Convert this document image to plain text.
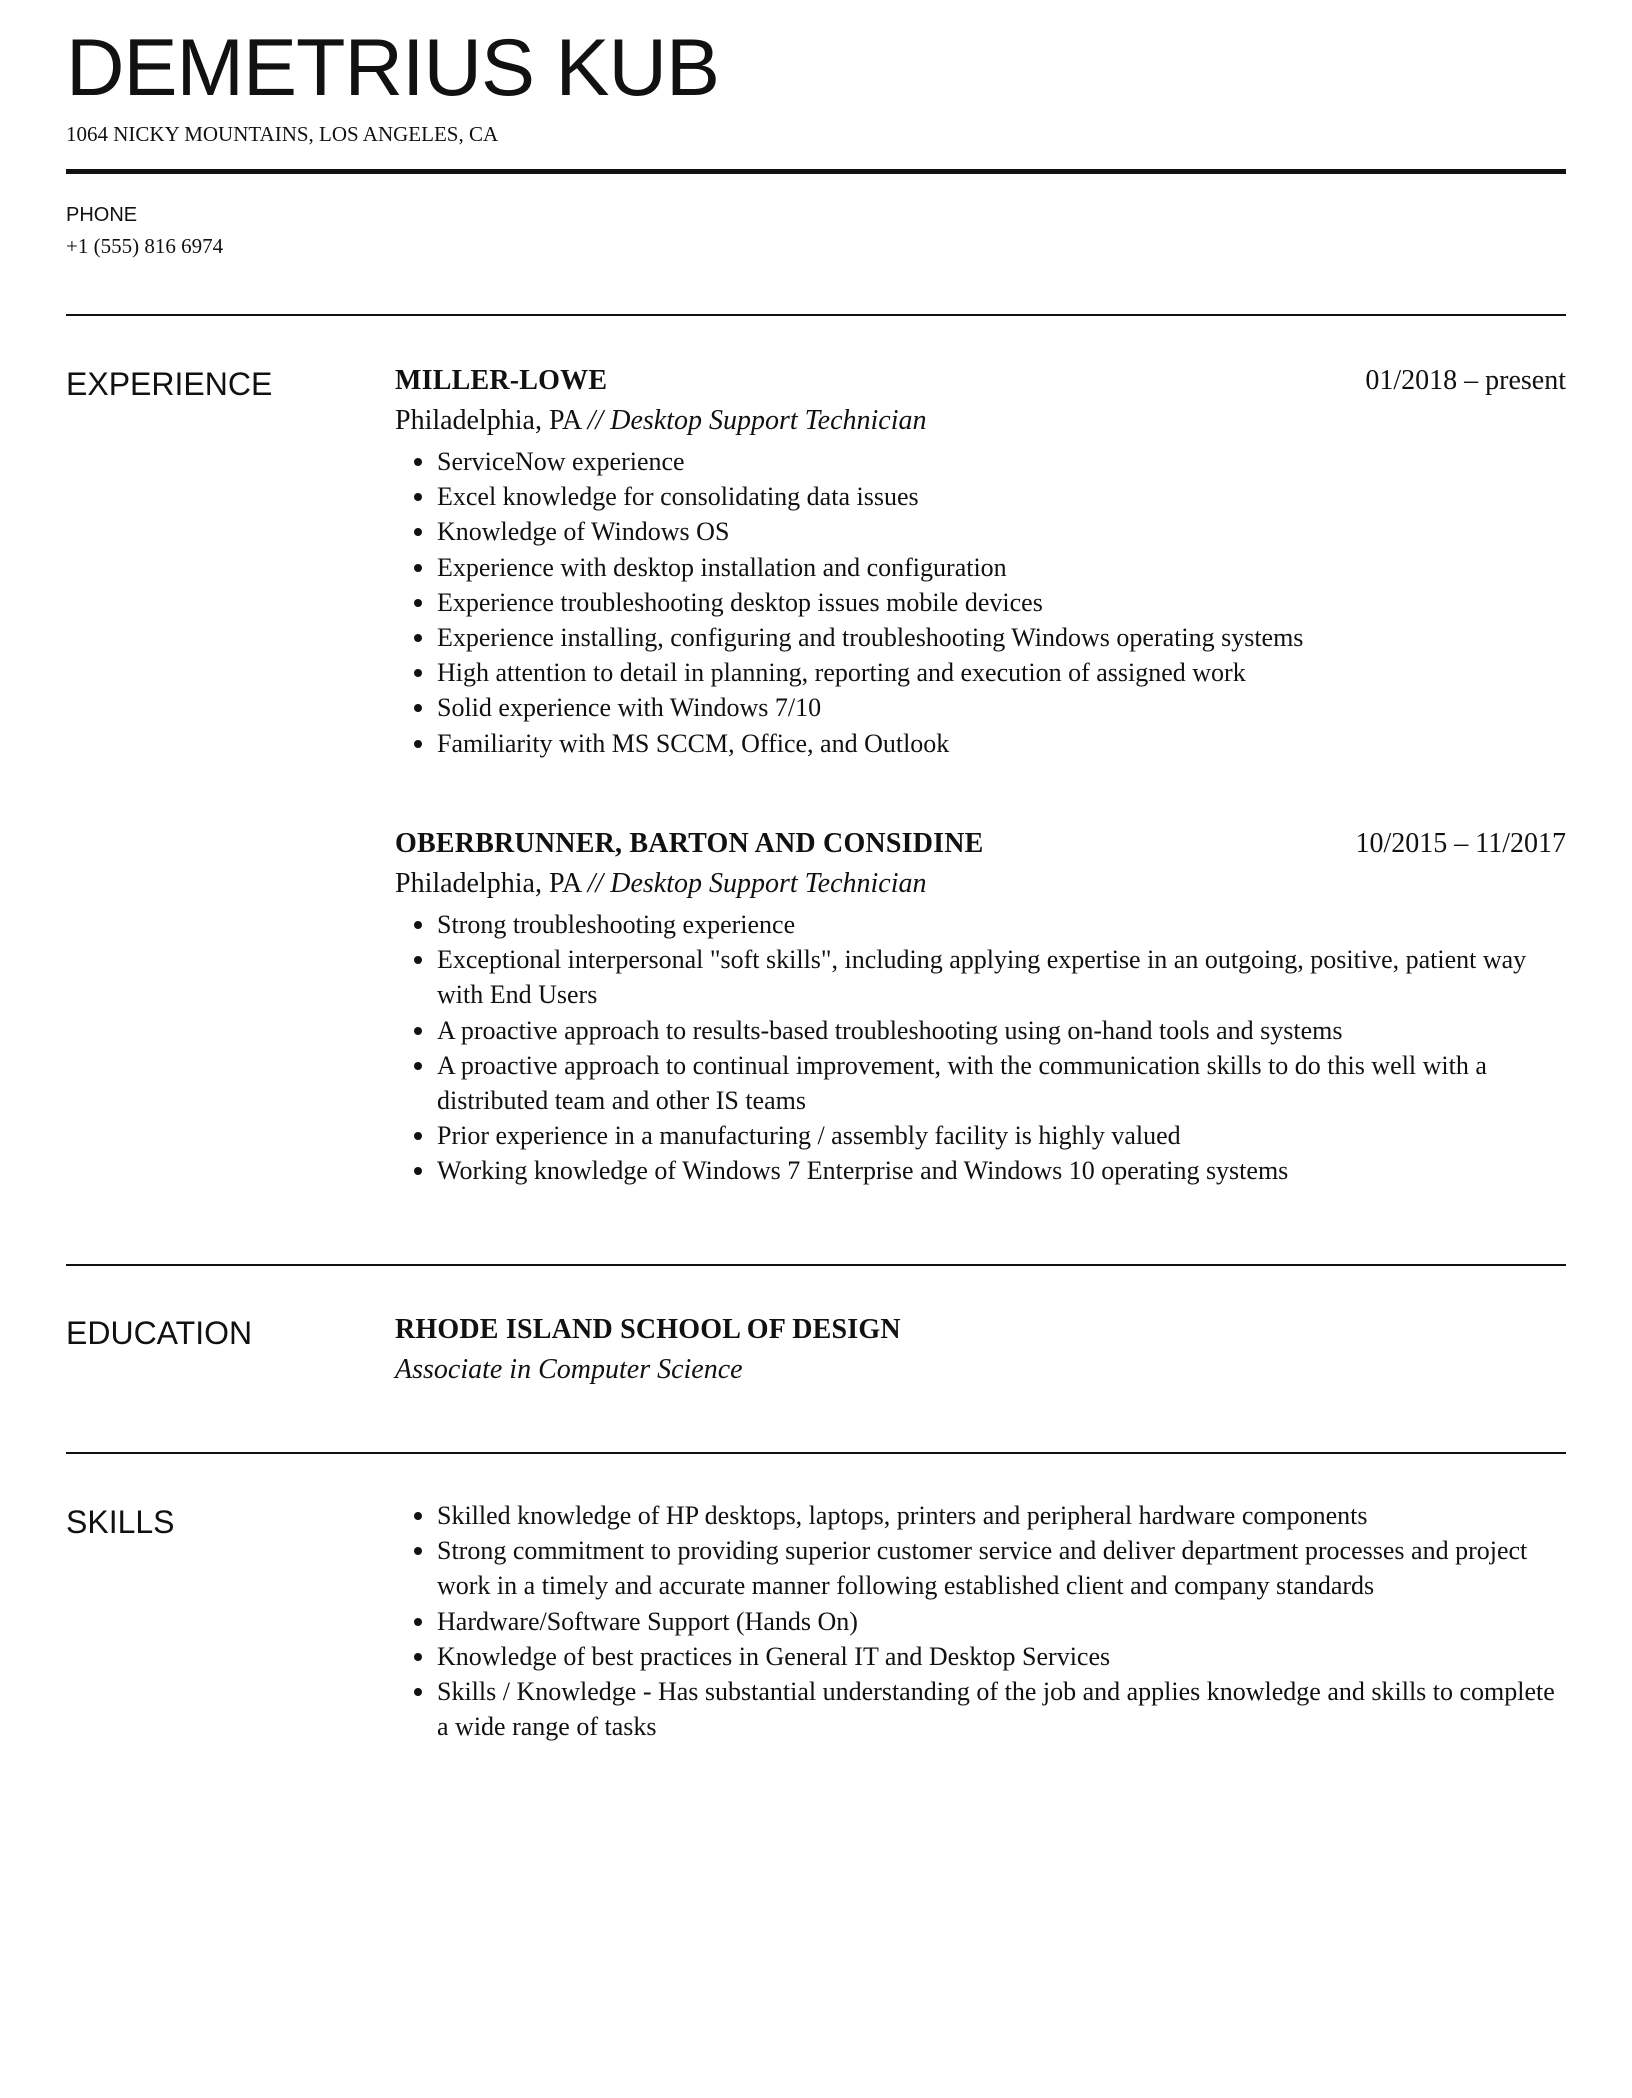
DEMETRIUS KUB
1064 NICKY MOUNTAINS, LOS ANGELES, CA
PHONE
+1 (555) 816 6974
EXPERIENCE	MILLER-LOWE	01/2018 – present
Philadelphia, PA // Desktop Support Technician
ServiceNow experience
Excel knowledge for consolidating data issues
Knowledge of Windows OS
Experience with desktop installation and configuration
Experience troubleshooting desktop issues mobile devices
Experience installing, configuring and troubleshooting Windows operating systems
High attention to detail in planning, reporting and execution of assigned work
Solid experience with Windows 7/10
Familiarity with MS SCCM, Office, and Outlook
OBERBRUNNER, BARTON AND CONSIDINE	10/2015 – 11/2017
Philadelphia, PA // Desktop Support Technician
Strong troubleshooting experience
Exceptional interpersonal "soft skills", including applying expertise in an outgoing, positive, patient way with End Users
A proactive approach to results-based troubleshooting using on-hand tools and systems
A proactive approach to continual improvement, with the communication skills to do this well with a distributed team and other IS teams
Prior experience in a manufacturing / assembly facility is highly valued
Working knowledge of Windows 7 Enterprise and Windows 10 operating systems
EDUCATION	RHODE ISLAND SCHOOL OF DESIGN
Associate in Computer Science
SKILLS	Skilled knowledge of HP desktops, laptops, printers and peripheral hardware components
Strong commitment to providing superior customer service and deliver department processes and project work in a timely and accurate manner following established client and company standards
Hardware/Software Support (Hands On)
Knowledge of best practices in General IT and Desktop Services
Skills / Knowledge - Has substantial understanding of the job and applies knowledge and skills to complete a wide range of tasks
